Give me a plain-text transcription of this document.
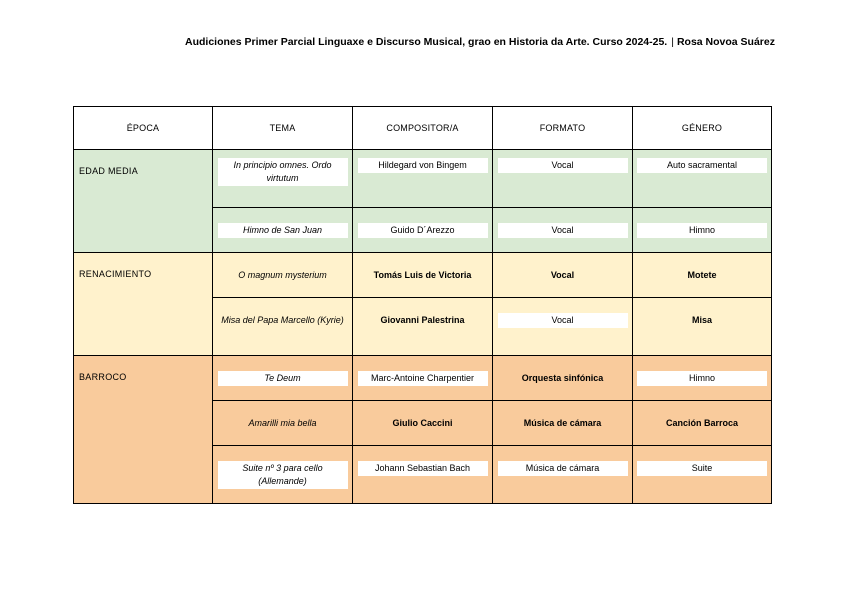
Audiciones Primer Parcial Linguaxe e Discurso Musical, grao en Historia da Arte. Curso 2024-25. | Rosa Novoa Suárez
ÉPOCA	TEMA	COMPOSITOR/A	FORMATO	GÉNERO
EDAD MEDIA	In principio omnes. Ordo virtutum	Hildegard von Bingem	Vocal	Auto sacramental

	Himno de San Juan	Guido D´Arezzo	Vocal	Himno

RENACIMIENTO	O magnum mysterium	Tomás Luis de Victoria	Vocal	Motete

	Misa del Papa Marcello (Kyrie)	Giovanni Palestrina	Vocal	Misa

BARROCO	Te Deum	Marc-Antoine Charpentier	Orquesta sinfónica	Himno

	Amarilli mia bella	Giulio Caccini	Música de cámara	Canción Barroca

	Suite nº 3 para cello (Allemande)	Johann Sebastian Bach	Música de cámara	Suite
